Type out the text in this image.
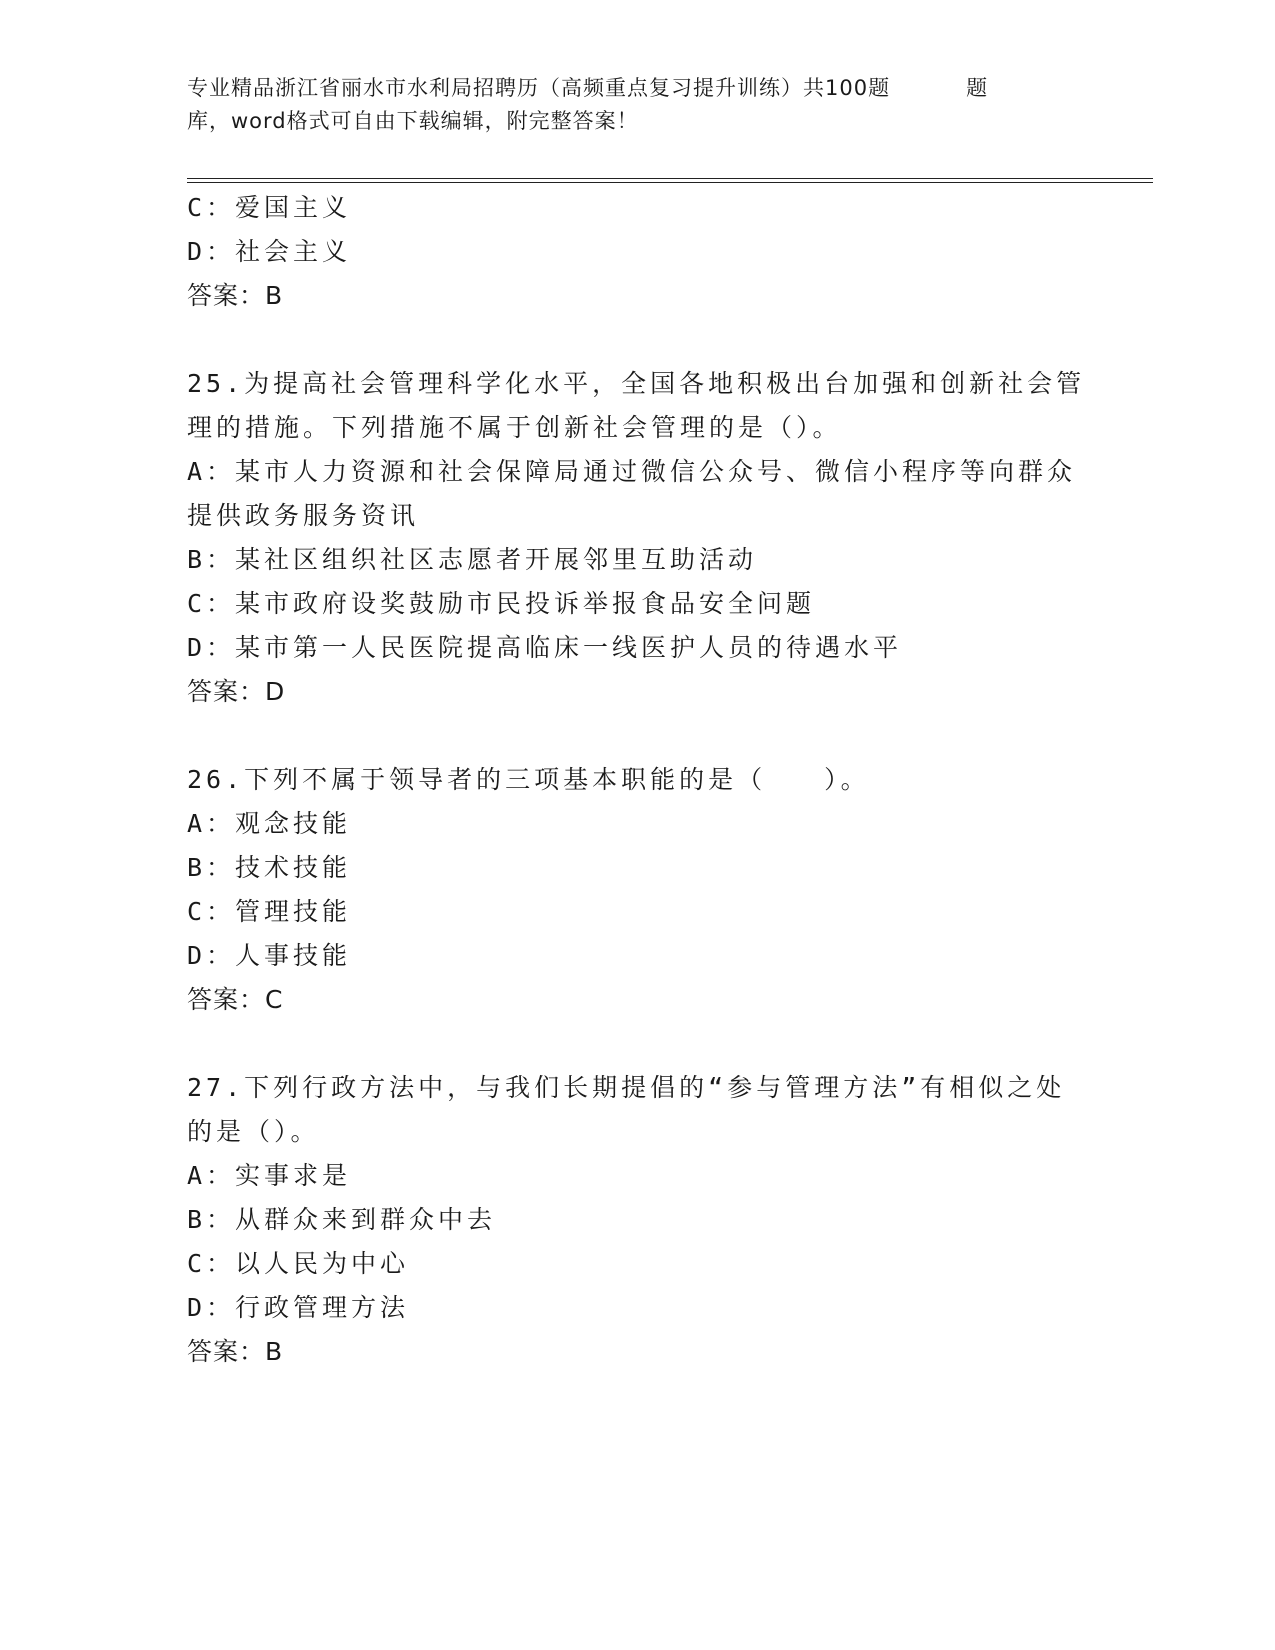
专业精品浙江省丽水市水利局招聘历（高频重点复习提升训练）共100题	题
库，word格式可自由下载编辑，附完整答案！
C：爱国主义
D：社会主义
答案：B
25.为提高社会管理科学化水平，全国各地积极出台加强和创新社会管
理的措施。下列措施不属于创新社会管理的是（）。
A：某市人力资源和社会保障局通过微信公众号、微信小程序等向群众
提供政务服务资讯
B：某社区组织社区志愿者开展邻里互助活动
C：某市政府设奖鼓励市民投诉举报食品安全问题
D：某市第一人民医院提高临床一线医护人员的待遇水平
答案：D
26.下列不属于领导者的三项基本职能的是（　　）。
A：观念技能
B：技术技能
C：管理技能
D：人事技能
答案：C
27.下列行政方法中，与我们长期提倡的“参与管理方法”有相似之处
的是（）。
A：实事求是
B：从群众来到群众中去
C：以人民为中心
D：行政管理方法
答案：B
